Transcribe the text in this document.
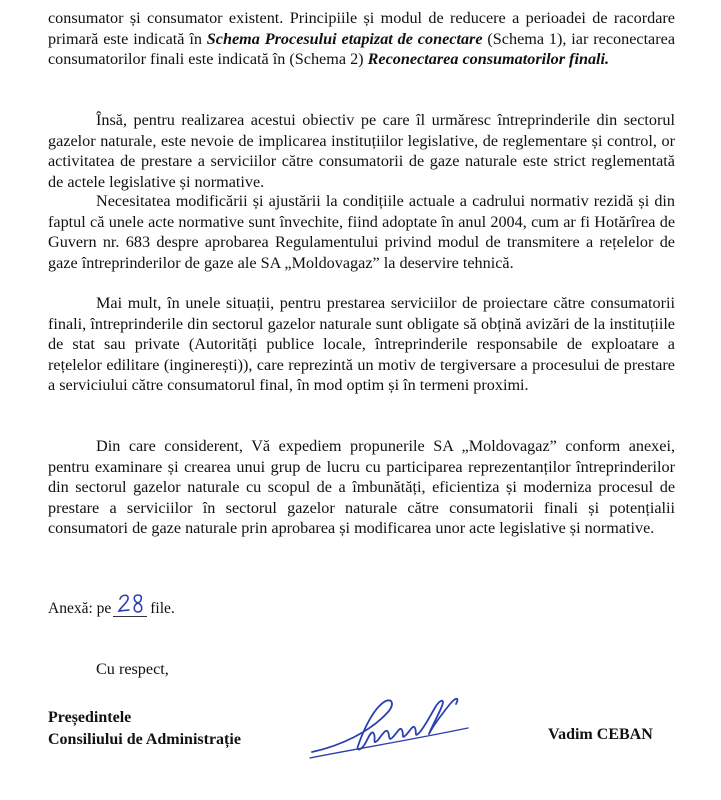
consumator și consumator existent. Principiile și modul de reducere a perioadei de racordare primară este indicată în Schema Procesului etapizat de conectare (Schema 1), iar reconectarea consumatorilor finali este indicată în (Schema 2) Reconectarea consumatorilor finali.

Însă, pentru realizarea acestui obiectiv pe care îl urmăresc întreprinderile din sectorul gazelor naturale, este nevoie de implicarea instituțiilor legislative, de reglementare și control, or activitatea de prestare a serviciilor către consumatorii de gaze naturale este strict reglementată de actele legislative și normative.

Necesitatea modificării și ajustării la condițiile actuale a cadrului normativ rezidă și din faptul că unele acte normative sunt învechite, fiind adoptate în anul 2004, cum ar fi Hotărîrea de Guvern nr. 683 despre aprobarea Regulamentului privind modul de transmitere a rețelelor de gaze întreprinderilor de gaze ale SA „Moldovagaz” la deservire tehnică.

Mai mult, în unele situații, pentru prestarea serviciilor de proiectare către consumatorii finali, întreprinderile din sectorul gazelor naturale sunt obligate să obțină avizări de la instituțiile de stat sau private (Autorități publice locale, întreprinderile responsabile de exploatare a rețelelor edilitare (inginerești)), care reprezintă un motiv de tergiversare a procesului de prestare a serviciului către consumatorul final, în mod optim și în termeni proximi.

Din care considerent, Vă expediem propunerile SA „Moldovagaz” conform anexei, pentru examinare și crearea unui grup de lucru cu participarea reprezentanților întreprinderilor din sectorul gazelor naturale cu scopul de a îmbunătăți, eficientiza și moderniza procesul de prestare a serviciilor în sectorul gazelor naturale către consumatorii finali și potențialii consumatori de gaze naturale prin aprobarea și modificarea unor acte legislative și normative.

Anexă: pe	file.
Cu respect,
Președintele
Consiliului de Administrație	Vadim CEBAN
